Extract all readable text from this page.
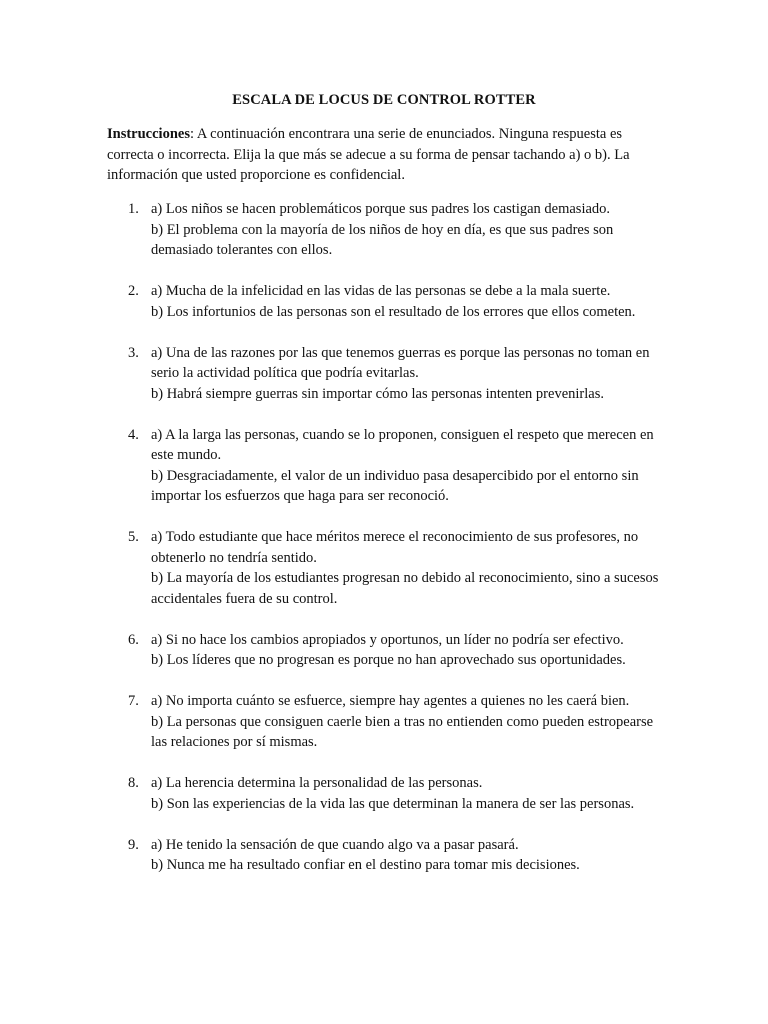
ESCALA DE LOCUS DE CONTROL ROTTER
Instrucciones: A continuación encontrara una serie de enunciados. Ninguna respuesta es correcta o incorrecta. Elija la que más se adecue a su forma de pensar tachando a) o b). La información que usted proporcione es confidencial.
1. a) Los niños se hacen problemáticos porque sus padres los castigan demasiado.
b) El problema con la mayoría de los niños de hoy en día, es que sus padres son demasiado tolerantes con ellos.
2. a) Mucha de la infelicidad en las vidas de las personas se debe a la mala suerte.
b) Los infortunios de las personas son el resultado de los errores que ellos cometen.
3. a) Una de las razones por las que tenemos guerras es porque las personas no toman en serio la actividad política que podría evitarlas.
b) Habrá siempre guerras sin importar cómo las personas intenten prevenirlas.
4. a) A la larga las personas, cuando se lo proponen, consiguen el respeto que merecen en este mundo.
b) Desgraciadamente, el valor de un individuo pasa desapercibido por el entorno sin importar los esfuerzos que haga para ser reconoció.
5. a) Todo estudiante que hace méritos merece el reconocimiento de sus profesores, no obtenerlo no tendría sentido.
b) La mayoría de los estudiantes progresan no debido al reconocimiento, sino a sucesos accidentales fuera de su control.
6. a) Si no hace los cambios apropiados y oportunos, un líder no podría ser efectivo.
b) Los líderes que no progresan es porque no han aprovechado sus oportunidades.
7. a) No importa cuánto se esfuerce, siempre hay agentes a quienes no les caerá bien.
b) La personas que consiguen caerle bien a tras no entienden como pueden estropearse las relaciones por sí mismas.
8. a) La herencia determina la personalidad de las personas.
b) Son las experiencias de la vida las que determinan la manera de ser las personas.
9. a) He tenido la sensación de que cuando algo va a pasar pasará.
b) Nunca me ha resultado confiar en el destino para tomar mis decisiones.
